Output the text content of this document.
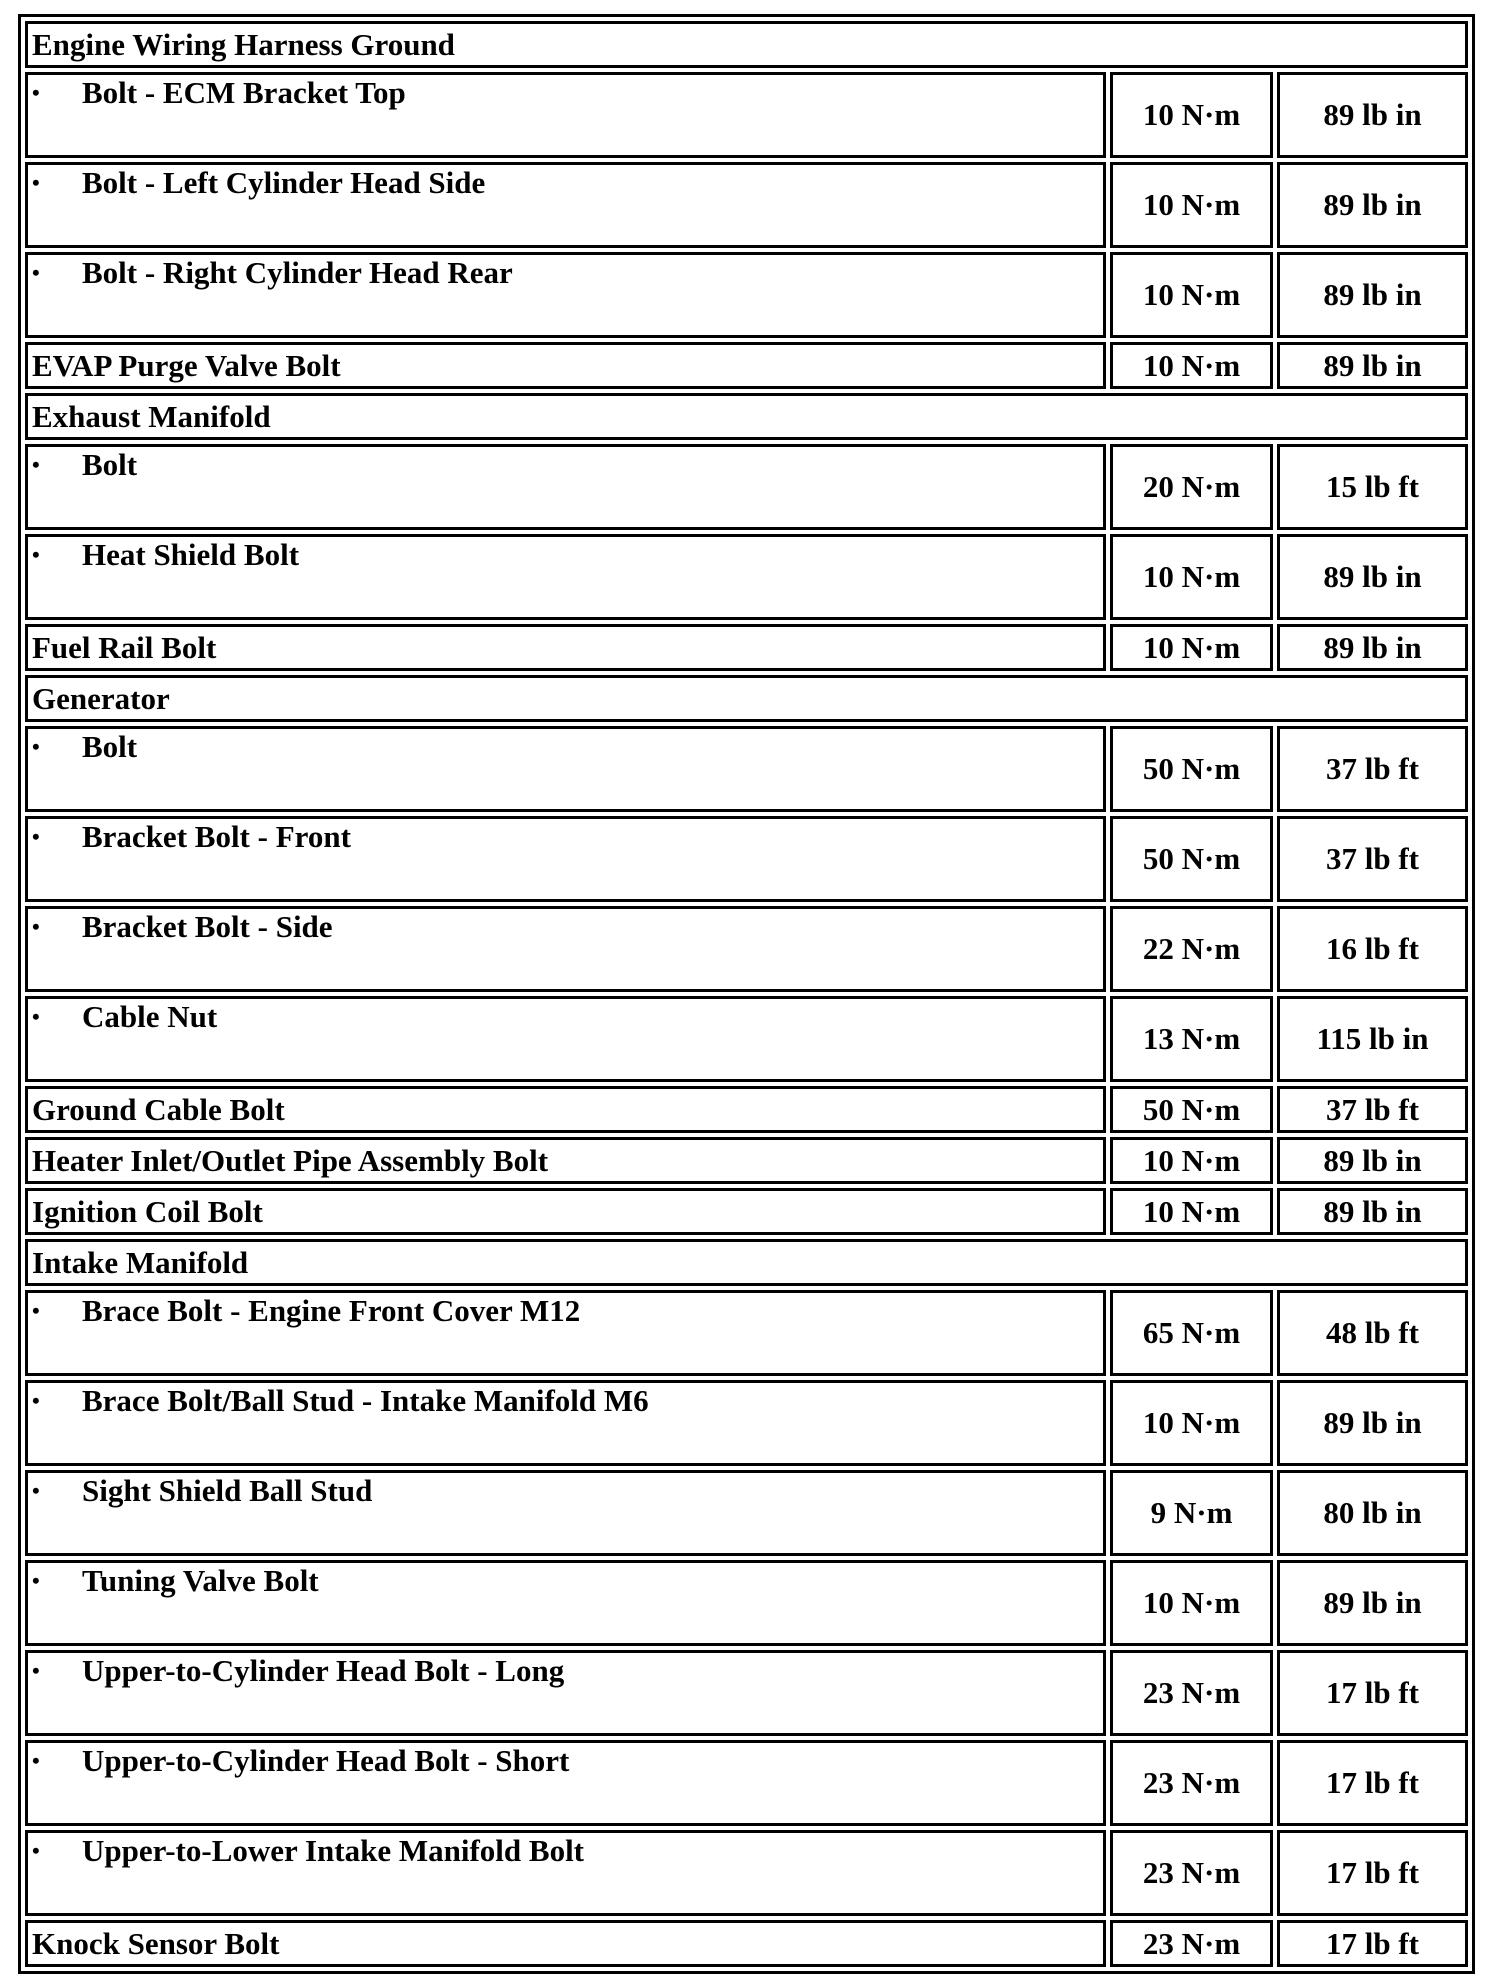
Engine Wiring Harness Ground		
• Bolt - ECM Bracket Top	10 N·m	89 lb in
• Bolt - Left Cylinder Head Side	10 N·m	89 lb in
• Bolt - Right Cylinder Head Rear	10 N·m	89 lb in
EVAP Purge Valve Bolt	10 N·m	89 lb in
Exhaust Manifold		
• Bolt	20 N·m	15 lb ft
• Heat Shield Bolt	10 N·m	89 lb in
Fuel Rail Bolt	10 N·m	89 lb in
Generator		
• Bolt	50 N·m	37 lb ft
• Bracket Bolt - Front	50 N·m	37 lb ft
• Bracket Bolt - Side	22 N·m	16 lb ft
• Cable Nut	13 N·m	115 lb in
Ground Cable Bolt	50 N·m	37 lb ft
Heater Inlet/Outlet Pipe Assembly Bolt	10 N·m	89 lb in
Ignition Coil Bolt	10 N·m	89 lb in
Intake Manifold		
• Brace Bolt - Engine Front Cover M12	65 N·m	48 lb ft
• Brace Bolt/Ball Stud - Intake Manifold M6	10 N·m	89 lb in
• Sight Shield Ball Stud	9 N·m	80 lb in
• Tuning Valve Bolt	10 N·m	89 lb in
• Upper-to-Cylinder Head Bolt - Long	23 N·m	17 lb ft
• Upper-to-Cylinder Head Bolt - Short	23 N·m	17 lb ft
• Upper-to-Lower Intake Manifold Bolt	23 N·m	17 lb ft
Knock Sensor Bolt	23 N·m	17 lb ft
